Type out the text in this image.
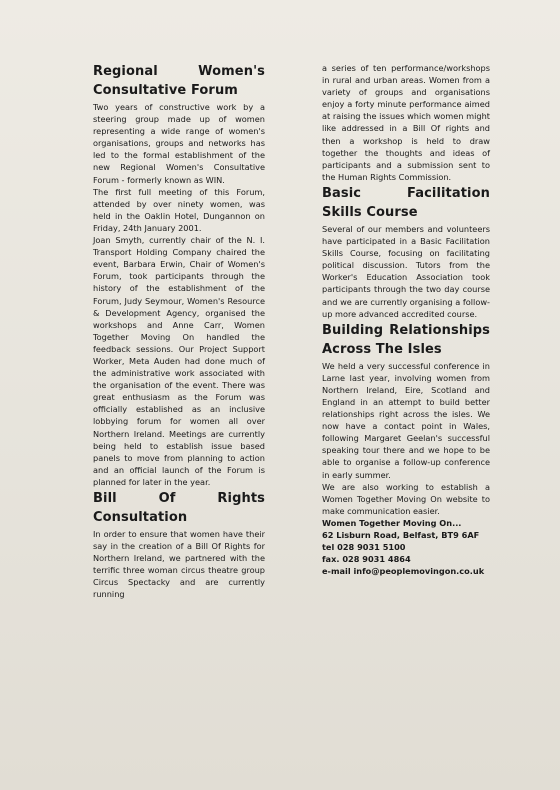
Regional Women's
Consultative Forum

Two years of constructive work by a steering group made up of women representing a wide range of women's organisations, groups and networks has led to the formal establishment of the new Regional Women's Consultative Forum - formerly known as WIN.

The first full meeting of this Forum, attended by over ninety women, was held in the Oaklin Hotel, Dungannon on Friday, 24th January 2001.

Joan Smyth, currently chair of the N. I. Transport Holding Company chaired the event, Barbara Erwin, Chair of Women's Forum, took participants through the history of the establishment of the Forum, Judy Seymour, Women's Resource & Development Agency, organised the workshops and Anne Carr, Women Together Moving On handled the feedback sessions. Our Project Support Worker, Meta Auden had done much of the administrative work associated with the organisation of the event. There was great enthusiasm as the Forum was officially established as an inclusive lobbying forum for women all over Northern Ireland. Meetings are currently being held to establish issue based panels to move from planning to action and an official launch of the Forum is planned for later in the year.

Bill Of Rights
Consultation

In order to ensure that women have their say in the creation of a Bill Of Rights for Northern Ireland, we partnered with the terrific three woman circus theatre group Circus Spectacky and are currently running

a series of ten performance/workshops in rural and urban areas. Women from a variety of groups and organisations enjoy a forty minute performance aimed at raising the issues which women might like addressed in a Bill Of rights and then a workshop is held to draw together the thoughts and ideas of participants and a submission sent to the Human Rights Commission.

Basic Facilitation
Skills Course

Several of our members and volunteers have participated in a Basic Facilitation Skills Course, focusing on facilitating political discussion. Tutors from the Worker's Education Association took participants through the two day course and we are currently organising a follow-up more advanced accredited course.

Building Relationships
Across The Isles

We held a very successful conference in Larne last year, involving women from Northern Ireland, Eire, Scotland and England in an attempt to build better relationships right across the isles. We now have a contact point in Wales, following Margaret Geelan's successful speaking tour there and we hope to be able to organise a follow-up conference in early summer.

We are also working to establish a Women Together Moving On website to make communication easier.

Women Together Moving On...

62 Lisburn Road, Belfast, BT9 6AF

tel 028 9031 5100

fax. 028 9031 4864

e-mail info@peoplemovingon.co.uk
